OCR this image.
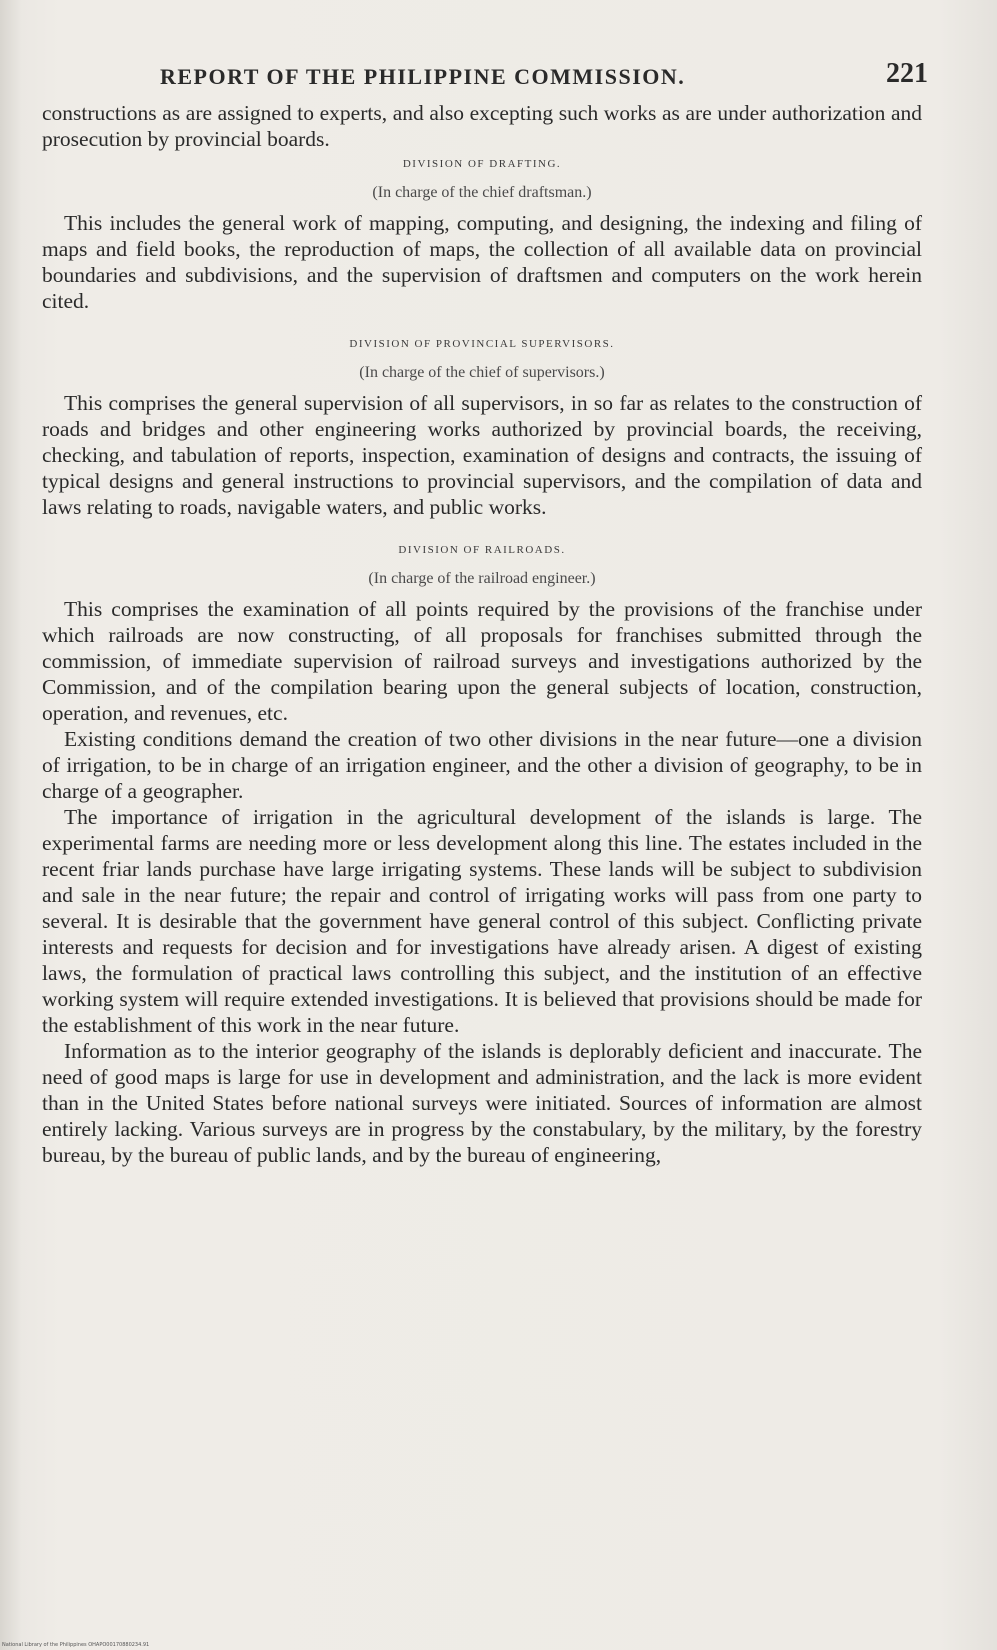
REPORT OF THE PHILIPPINE COMMISSION.	221

constructions as are assigned to experts, and also excepting such works as are under authorization and prosecution by provincial boards.

DIVISION OF DRAFTING.
(In charge of the chief draftsman.)

This includes the general work of mapping, computing, and designing, the indexing and filing of maps and field books, the reproduction of maps, the collection of all available data on provincial boundaries and subdivisions, and the supervision of draftsmen and computers on the work herein cited.

DIVISION OF PROVINCIAL SUPERVISORS.
(In charge of the chief of supervisors.)

This comprises the general supervision of all supervisors, in so far as relates to the construction of roads and bridges and other engineering works authorized by provincial boards, the receiving, checking, and tabulation of reports, inspection, examination of designs and contracts, the issuing of typical designs and general instructions to provincial supervisors, and the compilation of data and laws relating to roads, navigable waters, and public works.

DIVISION OF RAILROADS.
(In charge of the railroad engineer.)

This comprises the examination of all points required by the provisions of the franchise under which railroads are now constructing, of all proposals for franchises submitted through the commission, of immediate supervision of railroad surveys and investigations authorized by the Commission, and of the compilation bearing upon the general subjects of location, construction, operation, and revenues, etc.

Existing conditions demand the creation of two other divisions in the near future—one a division of irrigation, to be in charge of an irrigation engineer, and the other a division of geography, to be in charge of a geographer.

The importance of irrigation in the agricultural development of the islands is large. The experimental farms are needing more or less development along this line. The estates included in the recent friar lands purchase have large irrigating systems. These lands will be subject to subdivision and sale in the near future; the repair and control of irrigating works will pass from one party to several. It is desirable that the government have general control of this subject. Conflicting private interests and requests for decision and for investigations have already arisen. A digest of existing laws, the formulation of practical laws controlling this subject, and the institution of an effective working system will require extended investigations. It is believed that provisions should be made for the establishment of this work in the near future.

Information as to the interior geography of the islands is deplorably deficient and inaccurate. The need of good maps is large for use in development and administration, and the lack is more evident than in the United States before national surveys were initiated. Sources of information are almost entirely lacking. Various surveys are in progress by the constabulary, by the military, by the forestry bureau, by the bureau of public lands, and by the bureau of engineering,

National Library of the Philippines ОНАРО00170880234.91
